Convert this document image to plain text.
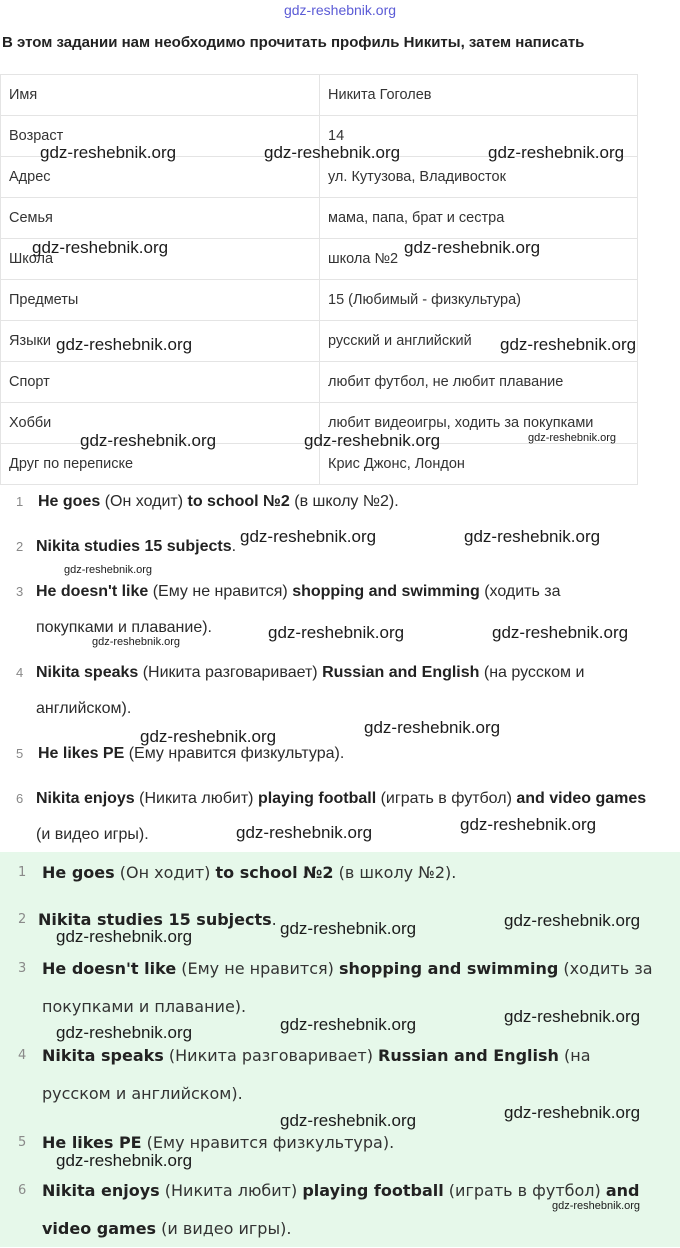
gdz-reshebnik.org
В этом задании нам необходимо прочитать профиль Никиты, затем написать
Имя	Никита Гоголев
Возраст	14
Адрес	ул. Кутузова, Владивосток
Семья	мама, папа, брат и сестра
Школа	школа №2
Предметы	15 (Любимый - физкультура)
Языки	русский и английский
Спорт	любит футбол, не любит плавание
Хобби	любит видеоигры, ходить за покупками
Друг по переписке	Крис Джонс, Лондон
1 He goes (Он ходит) to school №2 (в школу №2).
2 Nikita studies 15 subjects.
3 He doesn't like (Ему не нравится) shopping and swimming (ходить за покупками и плавание).
4 Nikita speaks (Никита разговаривает) Russian and English (на русском и английском).
5 He likes PE (Ему нравится физкультура).
6 Nikita enjoys (Никита любит) playing football (играть в футбол) and video games (и видео игры).
1 He goes (Он ходит) to school №2 (в школу №2).
2 Nikita studies 15 subjects.
3 He doesn't like (Ему не нравится) shopping and swimming (ходить за покупками и плавание).
4 Nikita speaks (Никита разговаривает) Russian and English (на русском и английском).
5 He likes PE (Ему нравится физкультура).
6 Nikita enjoys (Никита любит) playing football (играть в футбол) and video games (и видео игры).
gdz-reshebnik.org	gdz-reshebnik.org	gdz-reshebnik.org
gdz-reshebnik.org	gdz-reshebnik.org
gdz-reshebnik.org	gdz-reshebnik.org
gdz-reshebnik.org	gdz-reshebnik.org	gdz-reshebnik.org
gdz-reshebnik.org	gdz-reshebnik.org
gdz-reshebnik.org
gdz-reshebnik.org	gdz-reshebnik.org
gdz-reshebnik.org
gdz-reshebnik.org
gdz-reshebnik.org
gdz-reshebnik.org
gdz-reshebnik.org
gdz-reshebnik.org
gdz-reshebnik.org
gdz-reshebnik.org
gdz-reshebnik.org
gdz-reshebnik.org
gdz-reshebnik.org
gdz-reshebnik.org
gdz-reshebnik.org
gdz-reshebnik.org
gdz-reshebnik.org
